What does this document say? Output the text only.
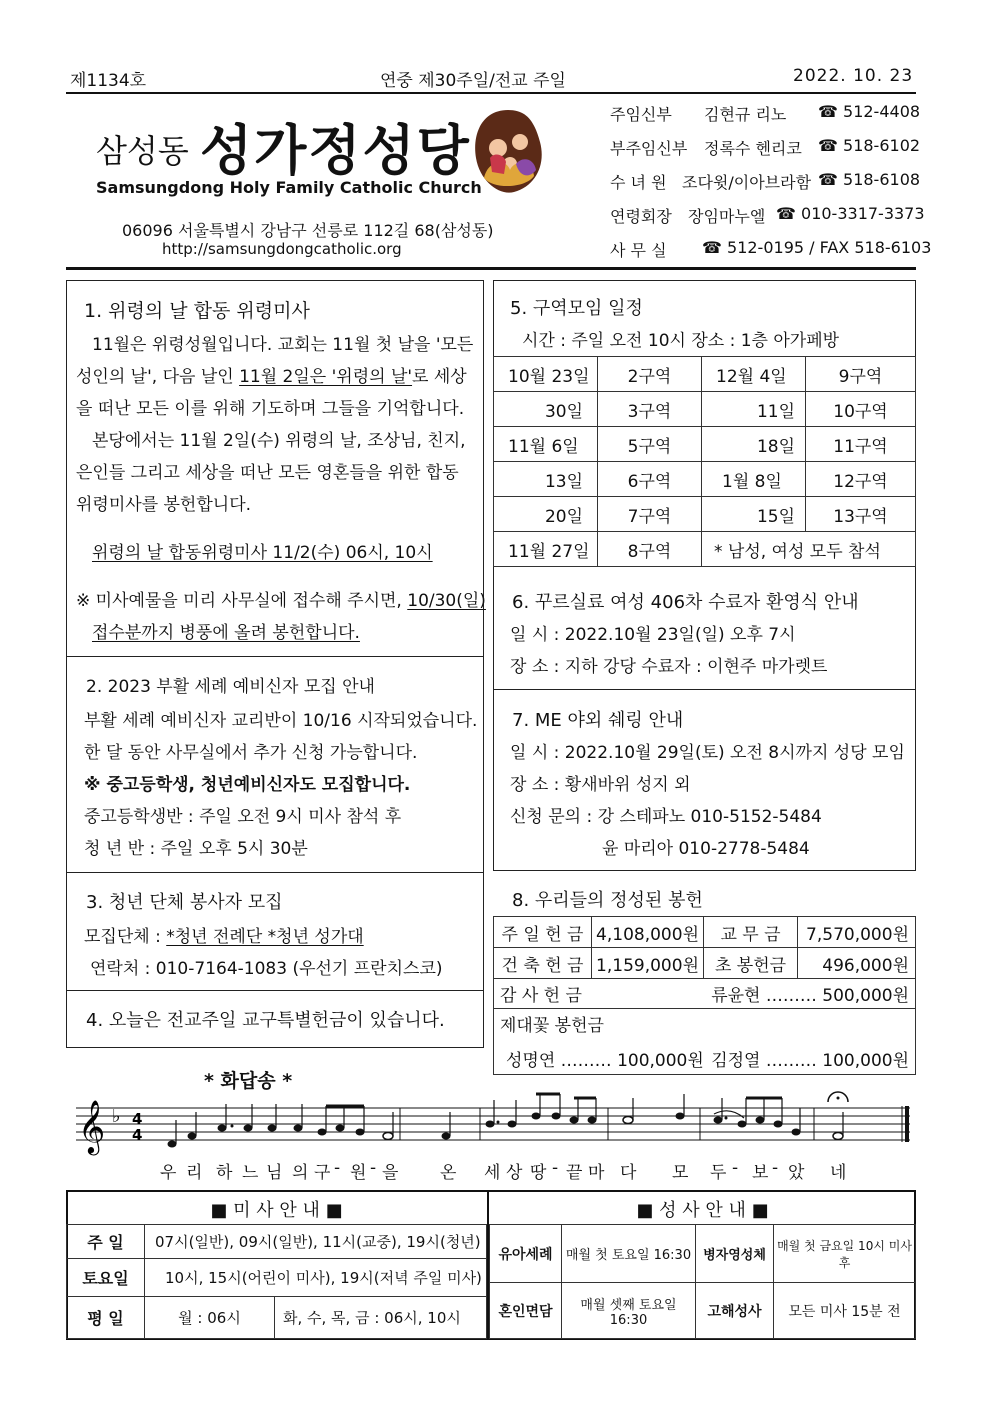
제1134호	연중 제30주일/전교 주일	2022. 10. 23
삼성동 성가정성당
Samsungdong Holy Family Catholic Church
06096 서울특별시 강남구 선릉로 112길 68(삼성동)
http://samsungdongcatholic.org
주임신부 김현규 리노 ☎ 512-4408
부주임신부 정록수 헨리코 ☎ 518-6102
수 녀 원 조다윗/이아브라함 ☎ 518-6108
연령회장 장임마누엘 ☎ 010-3317-3373
사 무 실 ☎ 512-0195 / FAX 518-6103
1. 위령의 날 합동 위령미사
11월은 위령성월입니다. 교회는 11월 첫 날을 '모든
성인의 날', 다음 날인 11월 2일은 '위령의 날'로 세상
을 떠난 모든 이를 위해 기도하며 그들을 기억합니다.
본당에서는 11월 2일(수) 위령의 날, 조상님, 친지,
은인들 그리고 세상을 떠난 모든 영혼들을 위한 합동
위령미사를 봉헌합니다.
위령의 날 합동위령미사 11/2(수) 06시, 10시
※ 미사예물을 미리 사무실에 접수해 주시면, 10/30(일)
접수분까지 병풍에 올려 봉헌합니다.
2. 2023 부활 세례 예비신자 모집 안내
부활 세례 예비신자 교리반이 10/16 시작되었습니다.
한 달 동안 사무실에서 추가 신청 가능합니다.
※ 중고등학생, 청년예비신자도 모집합니다.
중고등학생반 : 주일 오전 9시 미사 참석 후
청 년 반 : 주일 오후 5시 30분
3. 청년 단체 봉사자 모집
모집단체 : *청년 전례단 *청년 성가대
연락처 : 010-7164-1083 (우선기 프란치스코)
4. 오늘은 전교주일 교구특별헌금이 있습니다.
5. 구역모임 일정
시간 : 주일 오전 10시 장소 : 1층 아가페방
10월 23일	2구역	12월 4일	9구역
30일	3구역	11일	10구역
11월 6일	5구역	18일	11구역
13일	6구역	1월 8일	12구역
20일	7구역	15일	13구역
11월 27일	8구역	* 남성, 여성 모두 참석	
6. 꾸르실료 여성 406차 수료자 환영식 안내
일 시 : 2022.10월 23일(일) 오후 7시
장 소 : 지하 강당 수료자 : 이현주 마가렛트
7. ME 야외 쉐링 안내
일 시 : 2022.10월 29일(토) 오전 8시까지 성당 모임
장 소 : 황새바위 성지 외
신청 문의 : 강 스테파노 010-5152-5484
윤 마리아 010-2778-5484
8. 우리들의 정성된 봉헌
주 일 헌 금	4,108,000원	교 무 금	7,570,000원
건 축 헌 금	1,159,000원	초 봉헌금	496,000원
감 사 헌 금 류윤현 ……… 500,000원			

제대꽃 봉헌금
성명연 ……… 100,000원 김정열 ……… 100,000원			
* 화답송 *
𝄞 ♭ 4
4
우 리 하 느 님 의 구 - 원 - 을 온 세 상 땅 - 끝 마 다 모 두 - 보 - 았 네
■ 미 사 안 내 ■
주 일	07시(일반), 09시(일반), 11시(교중), 19시(청년)	
토요일	10시, 15시(어린이 미사), 19시(저녁 주일 미사)	
평 일	월 : 06시	화, 수, 목, 금 : 06시, 10시
■ 성 사 안 내 ■
유아세례	매월 첫 토요일 16:30	병자영성체	매월 첫 금요일 10시 미사 후
혼인면담	매월 셋째 토요일 16:30	고해성사	모든 미사 15분 전
